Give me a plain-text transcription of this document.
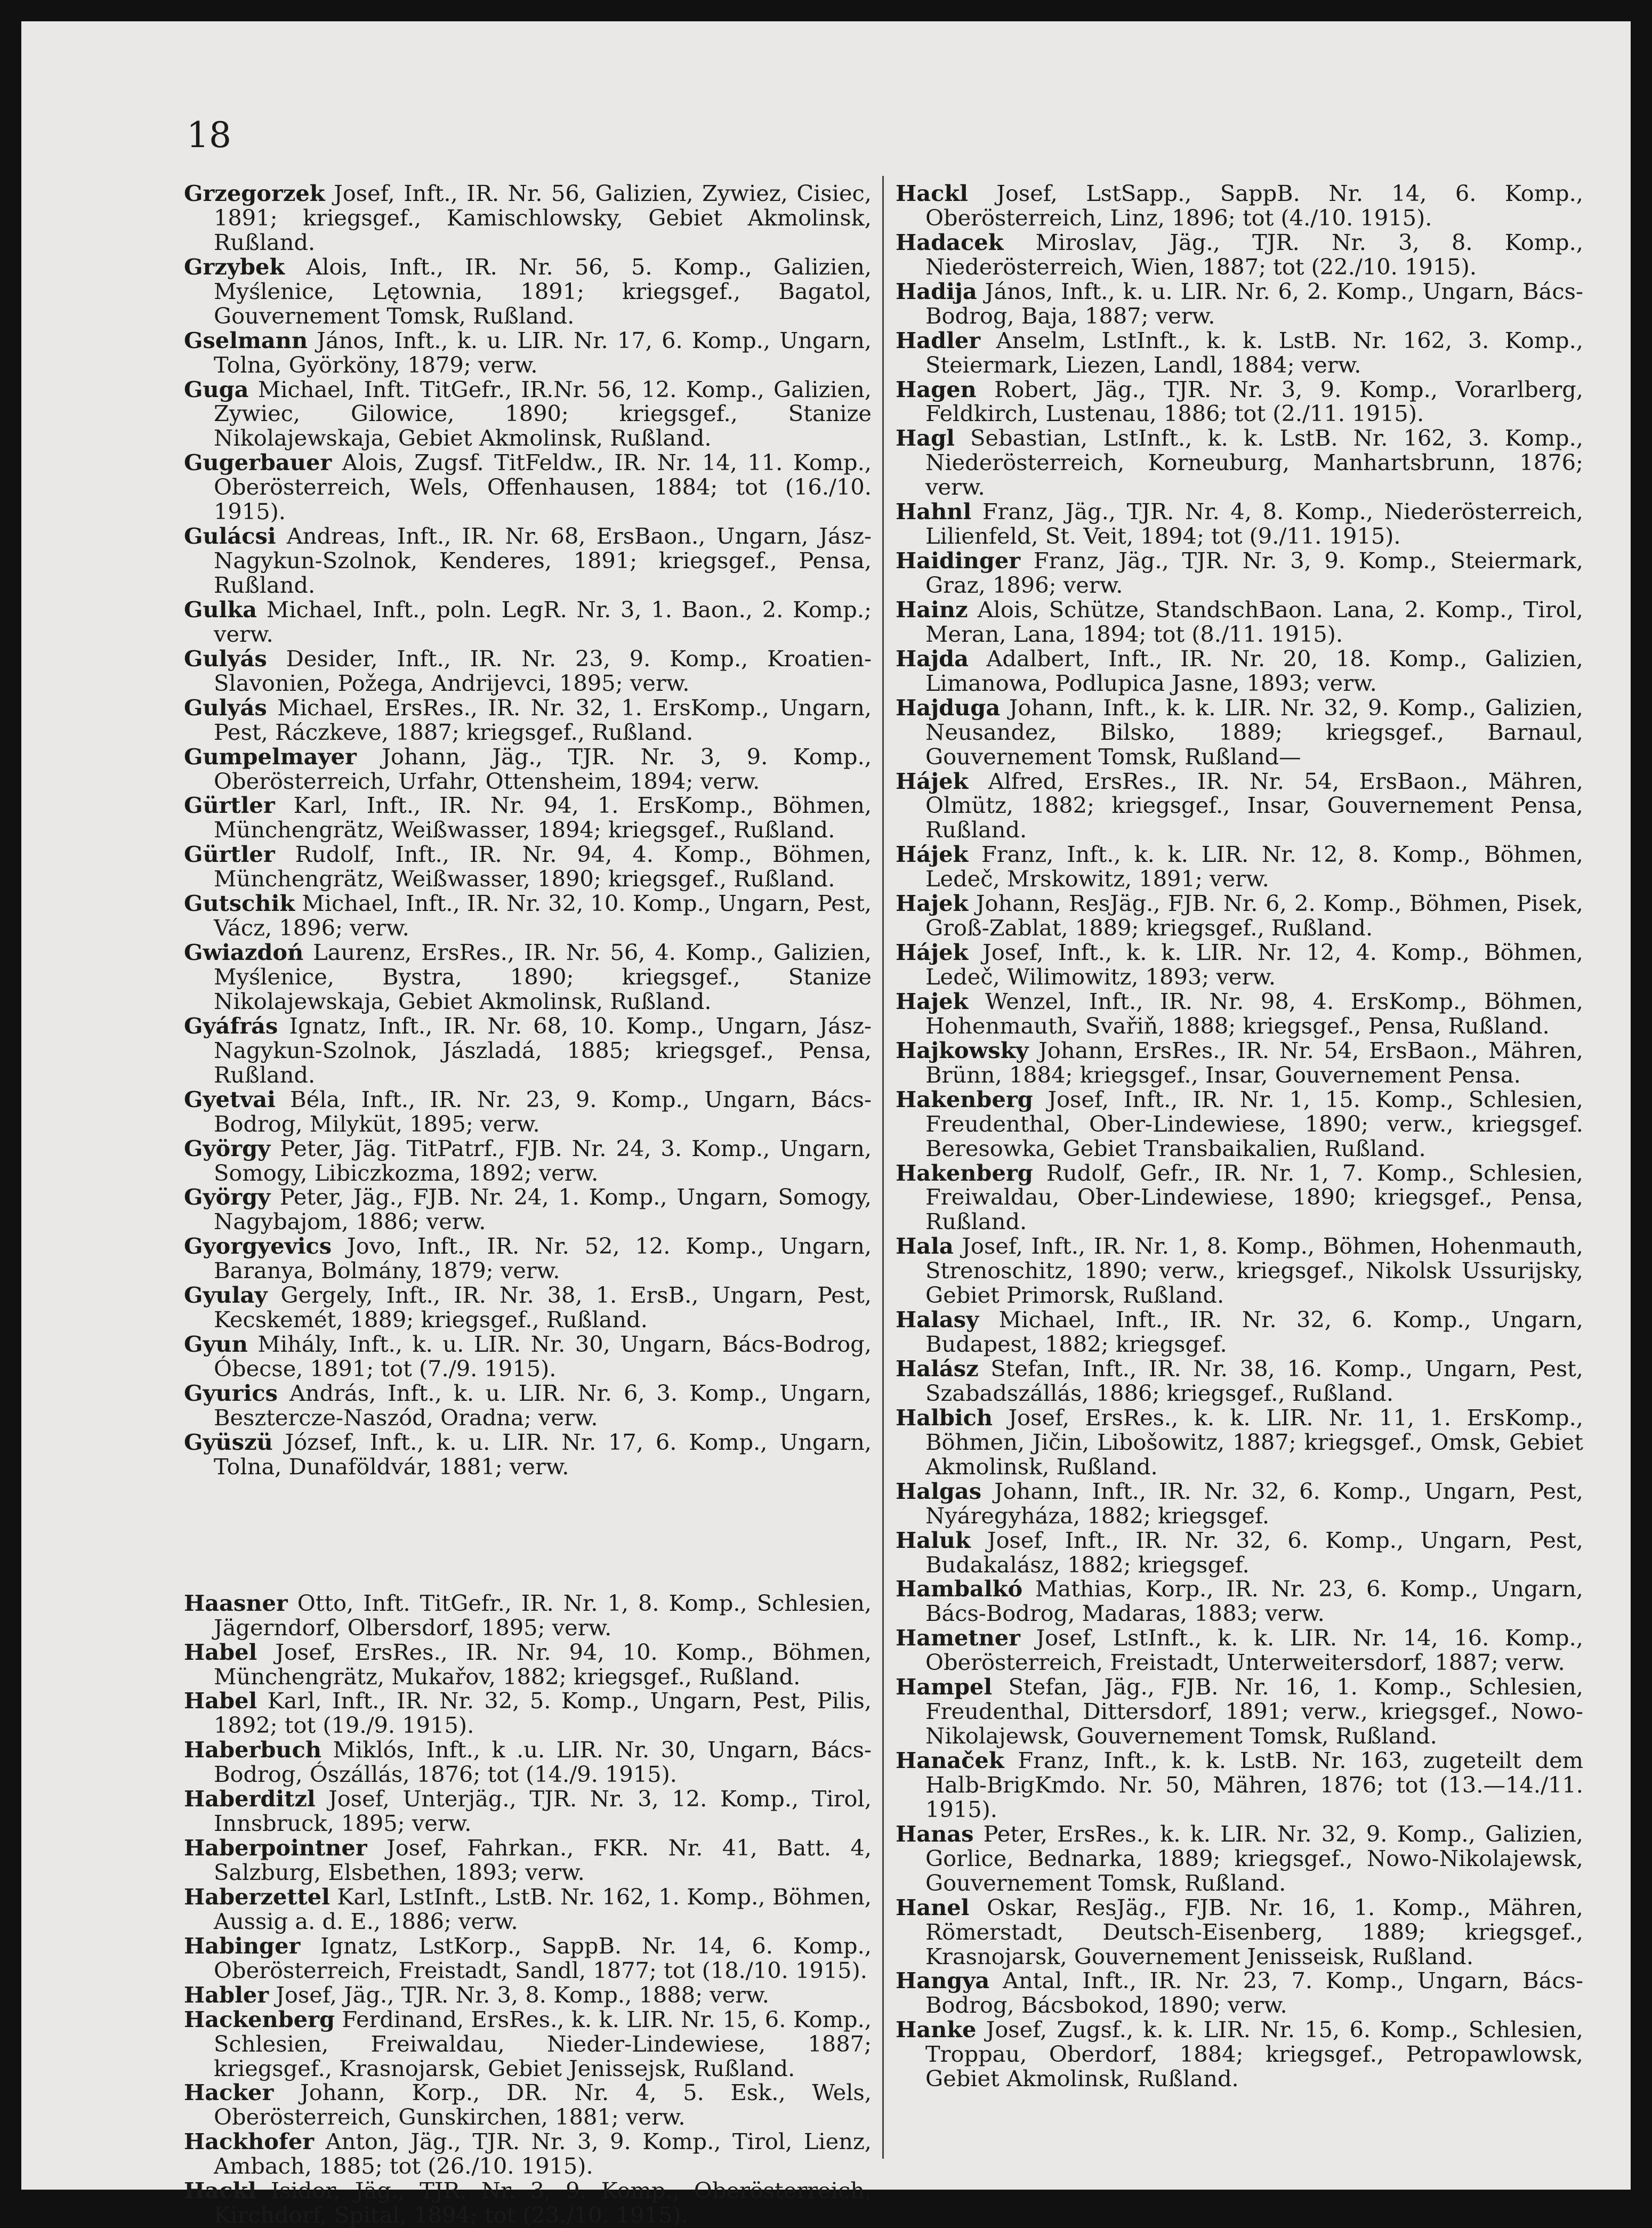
18

Grzegorzek Josef, Inft., IR. Nr. 56, Galizien, Zywiez, Cisiec, 1891; kriegsgef., Kamischlowsky, Gebiet Akmolinsk, Rußland.

Grzybek Alois, Inft., IR. Nr. 56, 5. Komp., Galizien, Myślenice, Lętownia, 1891; kriegsgef., Bagatol, Gouvernement Tomsk, Rußland.

Gselmann János, Inft., k. u. LIR. Nr. 17, 6. Komp., Ungarn, Tolna, Györköny, 1879; verw.

Guga Michael, Inft. TitGefr., IR.Nr. 56, 12. Komp., Galizien, Zywiec, Gilowice, 1890; kriegsgef., Stanize Nikolajewskaja, Gebiet Akmolinsk, Rußland.

Gugerbauer Alois, Zugsf. TitFeldw., IR. Nr. 14, 11. Komp., Oberösterreich, Wels, Offenhausen, 1884; tot (16./10. 1915).

Gulácsi Andreas, Inft., IR. Nr. 68, ErsBaon., Ungarn, Jász-Nagykun-Szolnok, Kenderes, 1891; kriegsgef., Pensa, Rußland.

Gulka Michael, Inft., poln. LegR. Nr. 3, 1. Baon., 2. Komp.; verw.

Gulyás Desider, Inft., IR. Nr. 23, 9. Komp., Kroatien-Slavonien, Požega, Andrijevci, 1895; verw.

Gulyás Michael, ErsRes., IR. Nr. 32, 1. ErsKomp., Ungarn, Pest, Ráczkeve, 1887; kriegsgef., Rußland.

Gumpelmayer Johann, Jäg., TJR. Nr. 3, 9. Komp., Oberösterreich, Urfahr, Ottensheim, 1894; verw.

Gürtler Karl, Inft., IR. Nr. 94, 1. ErsKomp., Böhmen, Münchengrätz, Weißwasser, 1894; kriegsgef., Rußland.

Gürtler Rudolf, Inft., IR. Nr. 94, 4. Komp., Böhmen, Münchengrätz, Weißwasser, 1890; kriegsgef., Rußland.

Gutschik Michael, Inft., IR. Nr. 32, 10. Komp., Ungarn, Pest, Vácz, 1896; verw.

Gwiazdoń Laurenz, ErsRes., IR. Nr. 56, 4. Komp., Galizien, Myślenice, Bystra, 1890; kriegsgef., Stanize Nikolajewskaja, Gebiet Akmolinsk, Rußland.

Gyáfrás Ignatz, Inft., IR. Nr. 68, 10. Komp., Ungarn, Jász-Nagykun-Szolnok, Jászladá, 1885; kriegsgef., Pensa, Rußland.

Gyetvai Béla, Inft., IR. Nr. 23, 9. Komp., Ungarn, Bács-Bodrog, Milyküt, 1895; verw.

György Peter, Jäg. TitPatrf., FJB. Nr. 24, 3. Komp., Ungarn, Somogy, Libiczkozma, 1892; verw.

György Peter, Jäg., FJB. Nr. 24, 1. Komp., Ungarn, Somogy, Nagybajom, 1886; verw.

Gyorgyevics Jovo, Inft., IR. Nr. 52, 12. Komp., Ungarn, Baranya, Bolmány, 1879; verw.

Gyulay Gergely, Inft., IR. Nr. 38, 1. ErsB., Ungarn, Pest, Kecskemét, 1889; kriegsgef., Rußland.

Gyun Mihály, Inft., k. u. LIR. Nr. 30, Ungarn, Bács-Bodrog, Óbecse, 1891; tot (7./9. 1915).

Gyurics András, Inft., k. u. LIR. Nr. 6, 3. Komp., Ungarn, Beszterczе-Naszód, Oradna; verw.

Gyüszü József, Inft., k. u. LIR. Nr. 17, 6. Komp., Ungarn, Tolna, Dunaföldvár, 1881; verw.

Haasner Otto, Inft. TitGefr., IR. Nr. 1, 8. Komp., Schlesien, Jägerndorf, Olbersdorf, 1895; verw.

Habel Josef, ErsRes., IR. Nr. 94, 10. Komp., Böhmen, Münchengrätz, Mukařov, 1882; kriegsgef., Rußland.

Habel Karl, Inft., IR. Nr. 32, 5. Komp., Ungarn, Pest, Pilis, 1892; tot (19./9. 1915).

Haberbuch Miklós, Inft., k .u. LIR. Nr. 30, Ungarn, Bács-Bodrog, Ószállás, 1876; tot (14./9. 1915).

Haberditzl Josef, Unterjäg., TJR. Nr. 3, 12. Komp., Tirol, Innsbruck, 1895; verw.

Haberpointner Josef, Fahrkan., FKR. Nr. 41, Batt. 4, Salzburg, Elsbethen, 1893; verw.

Haberzettel Karl, LstInft., LstB. Nr. 162, 1. Komp., Böhmen, Aussig a. d. E., 1886; verw.

Habinger Ignatz, LstKorp., SappB. Nr. 14, 6. Komp., Oberösterreich, Freistadt, Sandl, 1877; tot (18./10. 1915).

Habler Josef, Jäg., TJR. Nr. 3, 8. Komp., 1888; verw.

Hackenberg Ferdinand, ErsRes., k. k. LIR. Nr. 15, 6. Komp., Schlesien, Freiwaldau, Nieder-Lindewiese, 1887; kriegsgef., Krasnojarsk, Gebiet Jenissejsk, Rußland.

Hacker Johann, Korp., DR. Nr. 4, 5. Esk., Wels, Oberösterreich, Gunskirchen, 1881; verw.

Hackhofer Anton, Jäg., TJR. Nr. 3, 9. Komp., Tirol, Lienz, Ambach, 1885; tot (26./10. 1915).

Hackl Isidor, Jäg., TJR. Nr. 3, 9. Komp., Oberösterreich, Kirchdorf, Spital, 1894; tot (23./10. 1915).

Hackl Josef, LstSapp., SappB. Nr. 14, 6. Komp., Oberösterreich, Linz, 1896; tot (4./10. 1915).

Hadacek Miroslav, Jäg., TJR. Nr. 3, 8. Komp., Niederösterreich, Wien, 1887; tot (22./10. 1915).

Hadija János, Inft., k. u. LIR. Nr. 6, 2. Komp., Ungarn, Bács-Bodrog, Baja, 1887; verw.

Hadler Anselm, LstInft., k. k. LstB. Nr. 162, 3. Komp., Steiermark, Liezen, Landl, 1884; verw.

Hagen Robert, Jäg., TJR. Nr. 3, 9. Komp., Vorarlberg, Feldkirch, Lustenau, 1886; tot (2./11. 1915).

Hagl Sebastian, LstInft., k. k. LstB. Nr. 162, 3. Komp., Niederösterreich, Korneuburg, Manhartsbrunn, 1876; verw.

Hahnl Franz, Jäg., TJR. Nr. 4, 8. Komp., Niederösterreich, Lilienfeld, St. Veit, 1894; tot (9./11. 1915).

Haidinger Franz, Jäg., TJR. Nr. 3, 9. Komp., Steiermark, Graz, 1896; verw.

Hainz Alois, Schütze, StandschBaon. Lana, 2. Komp., Tirol, Meran, Lana, 1894; tot (8./11. 1915).

Hajda Adalbert, Inft., IR. Nr. 20, 18. Komp., Galizien, Limanowa, Podlupica Jasne, 1893; verw.

Hajduga Johann, Inft., k. k. LIR. Nr. 32, 9. Komp., Galizien, Neusandez, Bilsko, 1889; kriegsgef., Barnaul, Gouvernement Tomsk, Rußland—

Hájek Alfred, ErsRes., IR. Nr. 54, ErsBaon., Mähren, Olmütz, 1882; kriegsgef., Insar, Gouvernement Pensa, Rußland.

Hájek Franz, Inft., k. k. LIR. Nr. 12, 8. Komp., Böhmen, Ledeč, Mrskowitz, 1891; verw.

Hajek Johann, ResJäg., FJB. Nr. 6, 2. Komp., Böhmen, Pisek, Groß-Zablat, 1889; kriegsgef., Rußland.

Hájek Josef, Inft., k. k. LIR. Nr. 12, 4. Komp., Böhmen, Ledeč, Wilimowitz, 1893; verw.

Hajek Wenzel, Inft., IR. Nr. 98, 4. ErsKomp., Böhmen, Hohenmauth, Svařiň, 1888; kriegsgef., Pensa, Rußland.

Hajkowsky Johann, ErsRes., IR. Nr. 54, ErsBaon., Mähren, Brünn, 1884; kriegsgef., Insar, Gouvernement Pensa.

Hakenberg Josef, Inft., IR. Nr. 1, 15. Komp., Schlesien, Freudenthal, Ober-Lindewiese, 1890; verw., kriegsgef. Beresowka, Gebiet Transbaikalien, Rußland.

Hakenberg Rudolf, Gefr., IR. Nr. 1, 7. Komp., Schlesien, Freiwaldau, Ober-Lindewiese, 1890; kriegsgef., Pensa, Rußland.

Hala Josef, Inft., IR. Nr. 1, 8. Komp., Böhmen, Hohenmauth, Strenoschitz, 1890; verw., kriegsgef., Nikolsk Ussurijsky, Gebiet Primorsk, Rußland.

Halasy Michael, Inft., IR. Nr. 32, 6. Komp., Ungarn, Budapest, 1882; kriegsgef.

Halász Stefan, Inft., IR. Nr. 38, 16. Komp., Ungarn, Pest, Szabadszállás, 1886; kriegsgef., Rußland.

Halbich Josef, ErsRes., k. k. LIR. Nr. 11, 1. ErsKomp., Böhmen, Jičin, Libošowitz, 1887; kriegsgef., Omsk, Gebiet Akmolinsk, Rußland.

Halgas Johann, Inft., IR. Nr. 32, 6. Komp., Ungarn, Pest, Nyáregyháza, 1882; kriegsgef.

Haluk Josef, Inft., IR. Nr. 32, 6. Komp., Ungarn, Pest, Budakalász, 1882; kriegsgef.

Hambalkó Mathias, Korp., IR. Nr. 23, 6. Komp., Ungarn, Bács-Bodrog, Madaras, 1883; verw.

Hametner Josef, LstInft., k. k. LIR. Nr. 14, 16. Komp., Oberösterreich, Freistadt, Unterweitersdorf, 1887; verw.

Hampel Stefan, Jäg., FJB. Nr. 16, 1. Komp., Schlesien, Freudenthal, Dittersdorf, 1891; verw., kriegsgef., Nowo-Nikolajewsk, Gouvernement Tomsk, Rußland.

Hanaček Franz, Inft., k. k. LstB. Nr. 163, zugeteilt dem Halb-BrigKmdo. Nr. 50, Mähren, 1876; tot (13.—14./11. 1915).

Hanas Peter, ErsRes., k. k. LIR. Nr. 32, 9. Komp., Galizien, Gorlice, Bednarka, 1889; kriegsgef., Nowo-Nikolajewsk, Gouvernement Tomsk, Rußland.

Hanel Oskar, ResJäg., FJB. Nr. 16, 1. Komp., Mähren, Römerstadt, Deutsch-Eisenberg, 1889; kriegsgef., Krasnojarsk, Gouvernement Jenisseisk, Rußland.

Hangya Antal, Inft., IR. Nr. 23, 7. Komp., Ungarn, Bács-Bodrog, Bácsbokod, 1890; verw.

Hanke Josef, Zugsf., k. k. LIR. Nr. 15, 6. Komp., Schlesien, Troppau, Oberdorf, 1884; kriegsgef., Petropawlowsk, Gebiet Akmolinsk, Rußland.
